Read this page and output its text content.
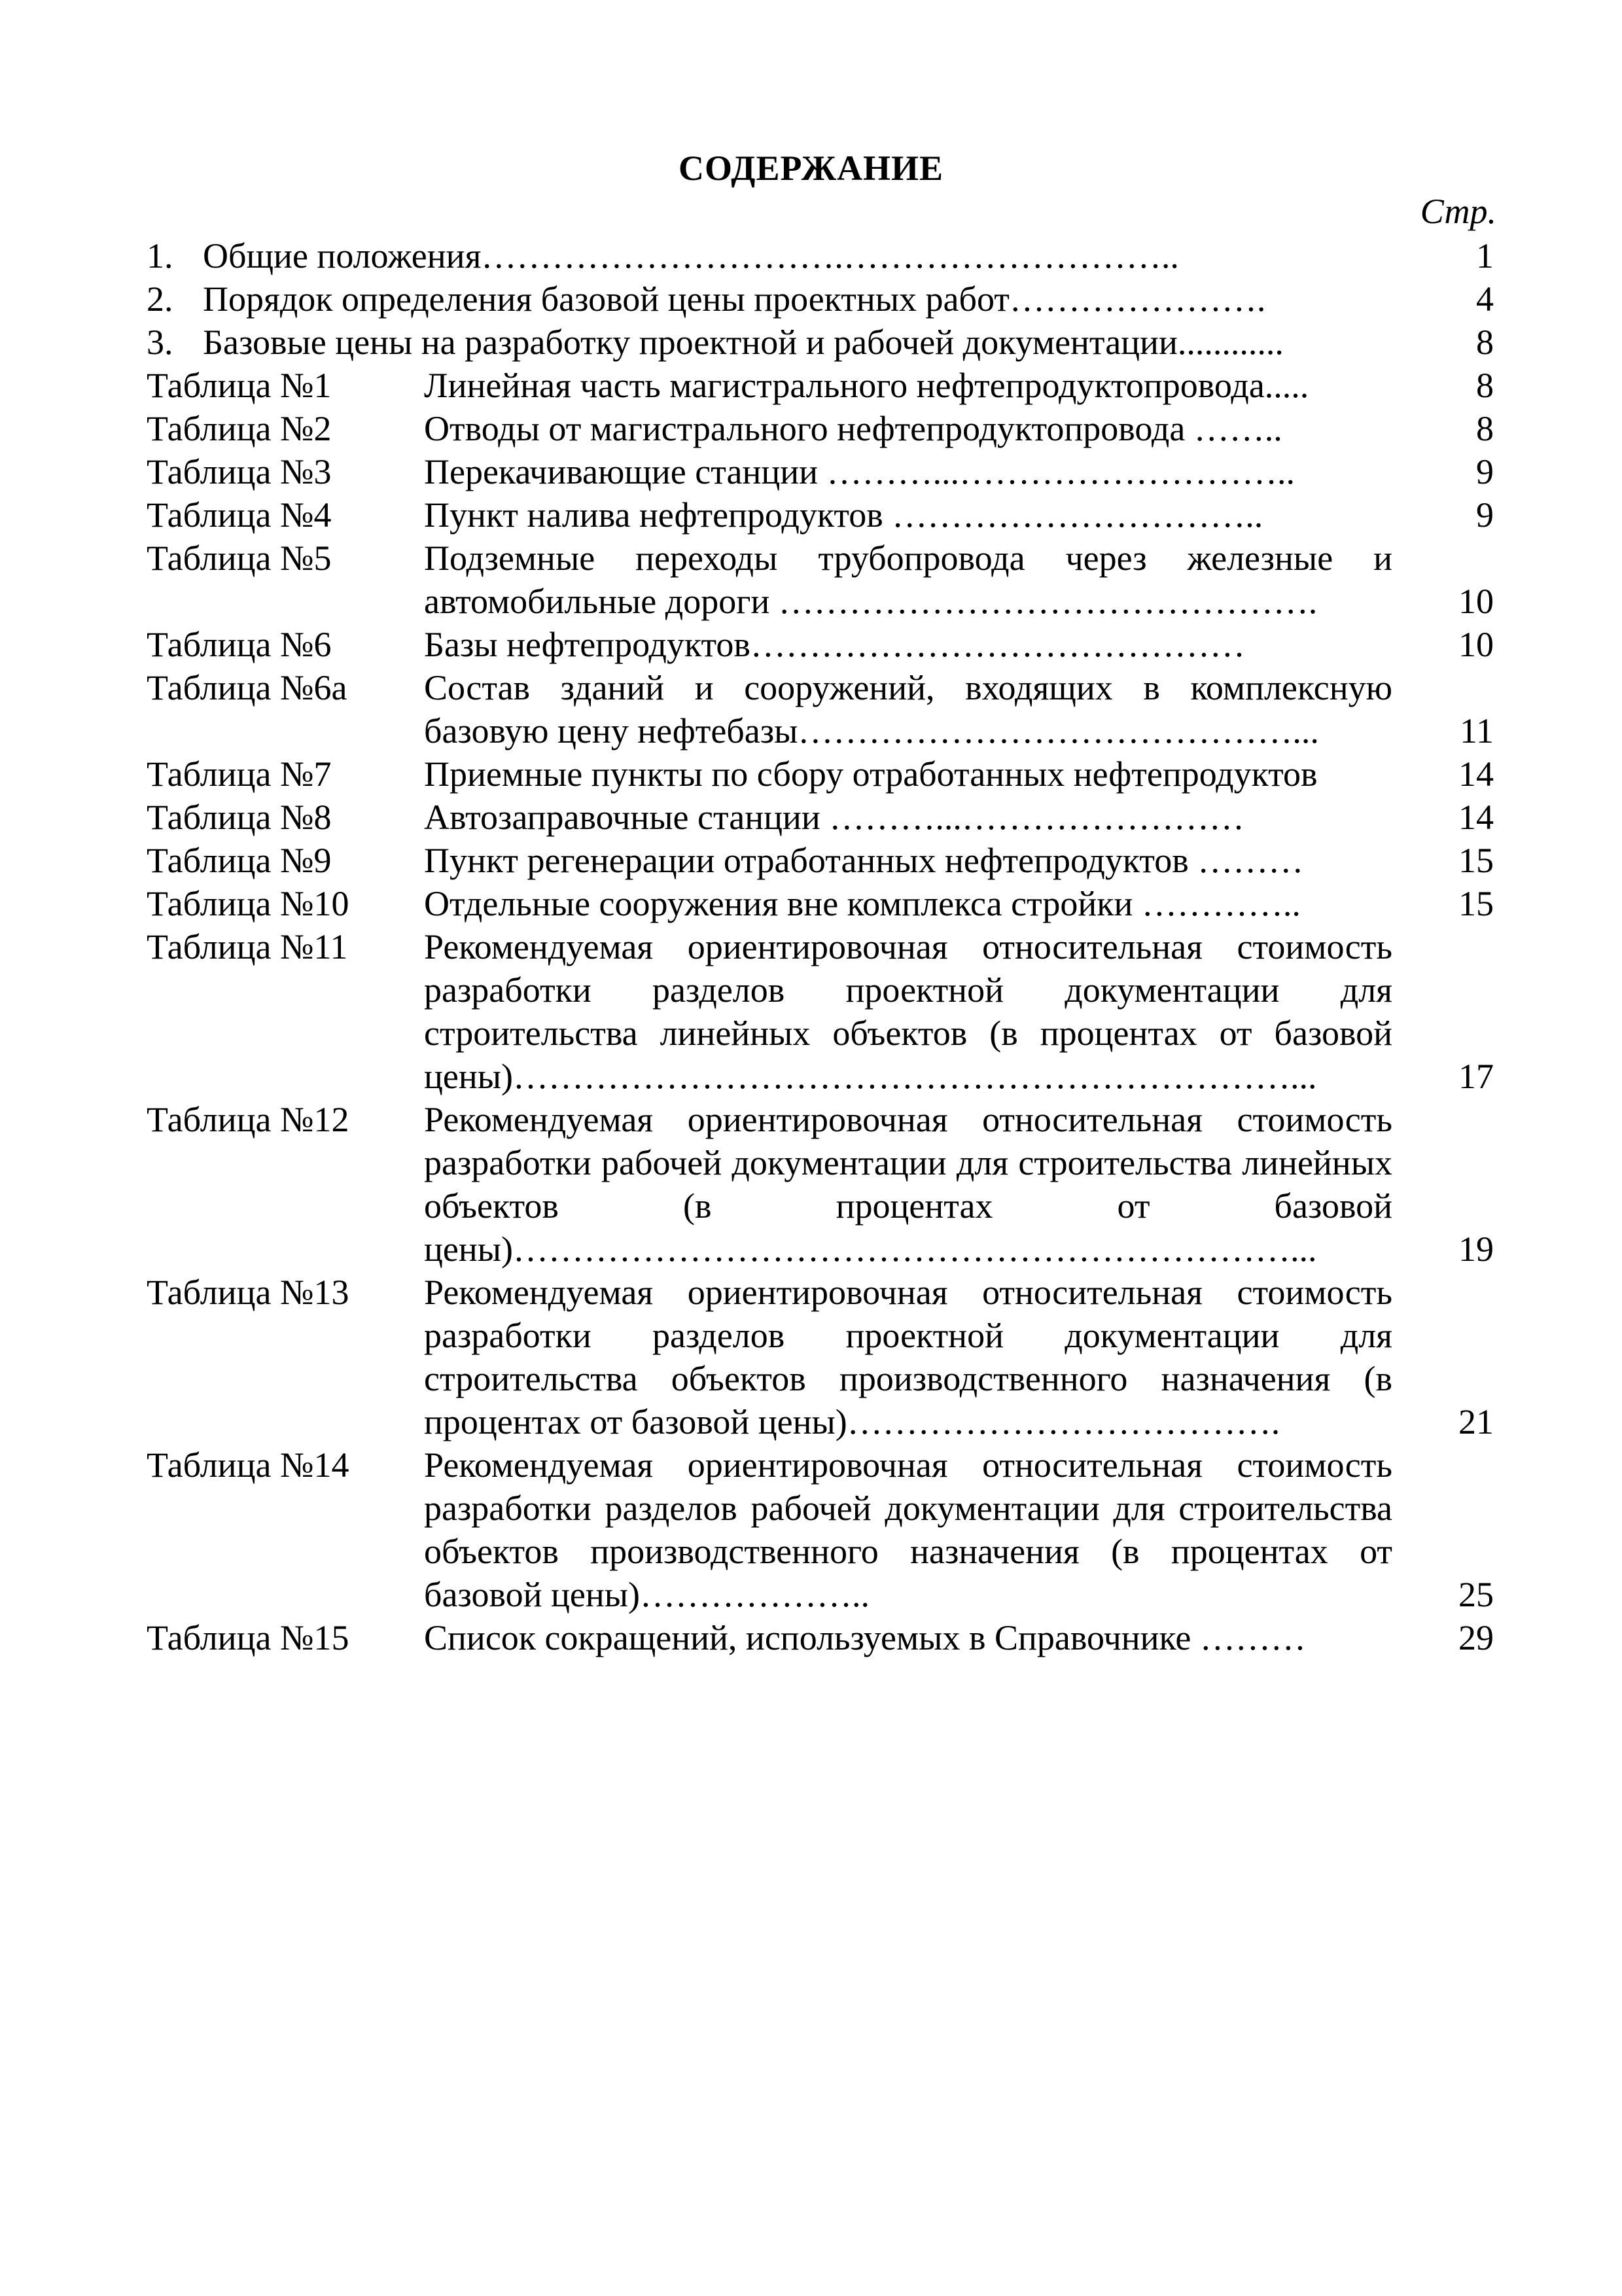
СОДЕРЖАНИЕ
Стр.
1. Общие положения………………………….………………………..	1
2. Порядок определения базовой цены проектных работ………………….	4
3. Базовые цены на разработку проектной и рабочей документации............	8
Таблица №1	Линейная часть магистрального нефтепродуктопровода.....	8
Таблица №2	Отводы от магистрального нефтепродуктопровода ……..	8
Таблица №3	Перекачивающие станции ………...………………………..	9
Таблица №4	Пункт налива нефтепродуктов …………………………..	9
Таблица №5	Подземные переходы трубопровода через железные и автомобильные дороги ……………………………………….	10
Таблица №6	Базы нефтепродуктов……………………………………	10
Таблица №6а	Состав зданий и сооружений, входящих в комплексную базовую цену нефтебазы……………………………………...	11
Таблица №7	Приемные пункты по сбору отработанных нефтепродуктов	14
Таблица №8	Автозаправочные станции ………...……………………	14
Таблица №9	Пункт регенерации отработанных нефтепродуктов ………	15
Таблица №10	Отдельные сооружения вне комплекса стройки …………..	15
Таблица №11	Рекомендуемая ориентировочная относительная стоимость разработки разделов проектной документации для строительства линейных объектов (в процентах от базовой цены)…………………………………………………………...	17
Таблица №12	Рекомендуемая ориентировочная относительная стоимость разработки рабочей документации для строительства линейных объектов (в процентах от базовой цены)…………………………………………………………...	19
Таблица №13	Рекомендуемая ориентировочная относительная стоимость разработки разделов проектной документации для строительства объектов производственного назначения (в процентах от базовой цены)……………………………….	21
Таблица №14	Рекомендуемая ориентировочная относительная стоимость разработки разделов рабочей документации для строительства объектов производственного назначения (в процентах от базовой цены)………………..	25
Таблица №15	Список сокращений, используемых в Справочнике ………	29
